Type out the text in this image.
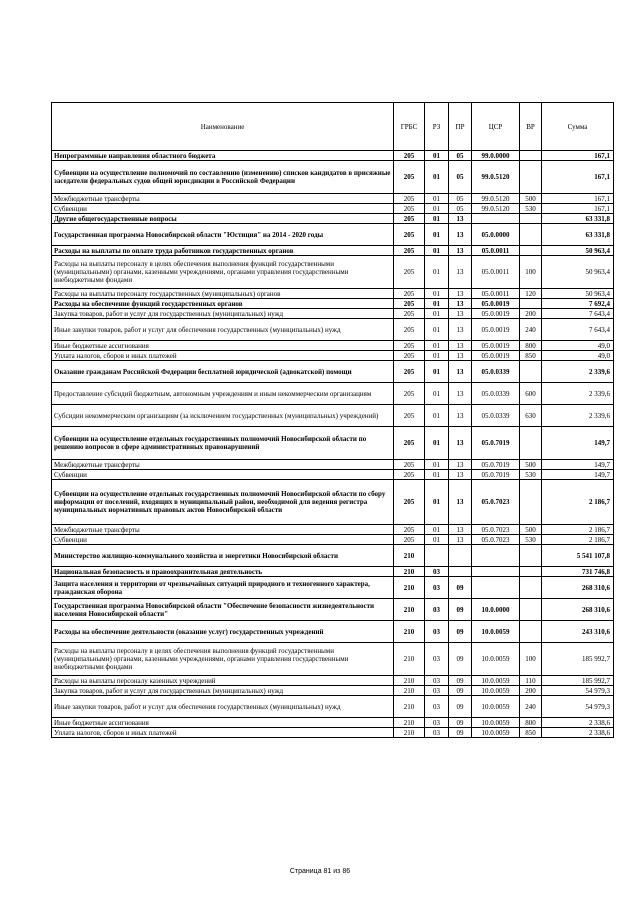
Наименование	ГРБС	РЗ	ПР	ЦСР	ВР	Сумма
Непрограммные направления областного бюджета	205	01	05	99.0.0000		167,1
Субвенции на осуществление полномочий по составлению (изменению) списков кандидатов в присяжные заседатели федеральных судов общей юрисдикции в Российской Федерации	205	01	05	99.0.5120		167,1
Межбюджетные трансферты	205	01	05	99.0.5120	500	167,1
Субвенции	205	01	05	99.0.5120	530	167,1
Другие общегосударственные вопросы	205	01	13			63 331,8
Государственная программа Новосибирской области "Юстиция" на 2014 - 2020 годы	205	01	13	05.0.0000		63 331,8
Расходы на выплаты по оплате труда работников государственных органов	205	01	13	05.0.0011		50 963,4
Расходы на выплаты персоналу в целях обеспечения выполнения функций государственными (муниципальными) органами, казенными учреждениями, органами управления государственными внебюджетными фондами	205	01	13	05.0.0011	100	50 963,4
Расходы на выплаты персоналу государственных (муниципальных) органов	205	01	13	05.0.0011	120	50 963,4
Расходы на обеспечение функций государственных органов	205	01	13	05.0.0019		7 692,4
Закупка товаров, работ и услуг для государственных (муниципальных) нужд	205	01	13	05.0.0019	200	7 643,4
Иные закупки товаров, работ и услуг для обеспечения государственных (муниципальных) нужд	205	01	13	05.0.0019	240	7 643,4
Иные бюджетные ассигнования	205	01	13	05.0.0019	800	49,0
Уплата налогов, сборов и иных платежей	205	01	13	05.0.0019	850	49,0
Оказание гражданам Российской Федерации бесплатной юридической (адвокатской) помощи	205	01	13	05.0.0339		2 339,6
Предоставление субсидий бюджетным, автономным учреждениям и иным некоммерческим организациям	205	01	13	05.0.0339	600	2 339,6
Субсидии некоммерческим организациям (за исключением государственных (муниципальных) учреждений)	205	01	13	05.0.0339	630	2 339,6
Субвенции на осуществление отдельных государственных полномочий Новосибирской области по решению вопросов в сфере административных правонарушений	205	01	13	05.0.7019		149,7
Межбюджетные трансферты	205	01	13	05.0.7019	500	149,7
Субвенции	205	01	13	05.0.7019	530	149,7
Субвенции на осуществление отдельных государственных полномочий Новосибирской области по сбору информации от поселений, входящих в муниципальный район, необходимой для ведения регистра муниципальных нормативных правовых актов Новосибирской области	205	01	13	05.0.7023		2 186,7
Межбюджетные трансферты	205	01	13	05.0.7023	500	2 186,7
Субвенции	205	01	13	05.0.7023	530	2 186,7
Министерство жилищно-коммунального хозяйства и энергетики Новосибирской области	210					5 541 107,8
Национальная безопасность и правоохранительная деятельность	210	03				731 746,8
Защита населения и территории от чрезвычайных ситуаций природного и техногенного характера, гражданская оборона	210	03	09			268 310,6
Государственная программа Новосибирской области "Обеспечение безопасности жизнедеятельности населения Новосибирской области"	210	03	09	10.0.0000		268 310,6
Расходы на обеспечение деятельности (оказание услуг) государственных учреждений	210	03	09	10.0.0059		243 310,6
Расходы на выплаты персоналу в целях обеспечения выполнения функций государственными (муниципальными) органами, казенными учреждениями, органами управления государственными внебюджетными фондами	210	03	09	10.0.0059	100	185 992,7
Расходы на выплаты персоналу казенных учреждений	210	03	09	10.0.0059	110	185 992,7
Закупка товаров, работ и услуг для государственных (муниципальных) нужд	210	03	09	10.0.0059	200	54 979,3
Иные закупки товаров, работ и услуг для обеспечения государственных (муниципальных) нужд	210	03	09	10.0.0059	240	54 979,3
Иные бюджетные ассигнования	210	03	09	10.0.0059	800	2 338,6
Уплата налогов, сборов и иных платежей	210	03	09	10.0.0059	850	2 338,6
Страница 81 из 86
